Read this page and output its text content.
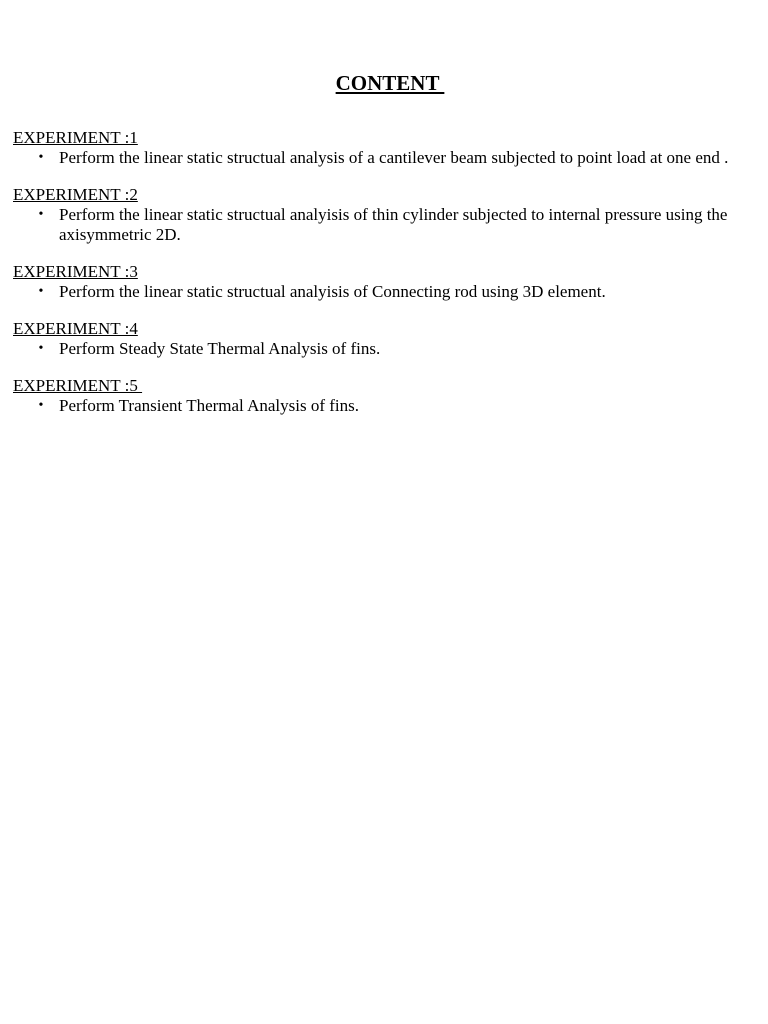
CONTENT
EXPERIMENT :1
• Perform the linear static structual analysis of a cantilever beam subjected to point load at one end .
EXPERIMENT :2
• Perform the linear static structual analyisis of thin cylinder subjected to internal pressure using the axisymmetric 2D.
EXPERIMENT :3
• Perform the linear static structual analyisis of Connecting rod using 3D element.
EXPERIMENT :4
• Perform Steady State Thermal Analysis of fins.
EXPERIMENT :5
• Perform Transient Thermal Analysis of fins.
